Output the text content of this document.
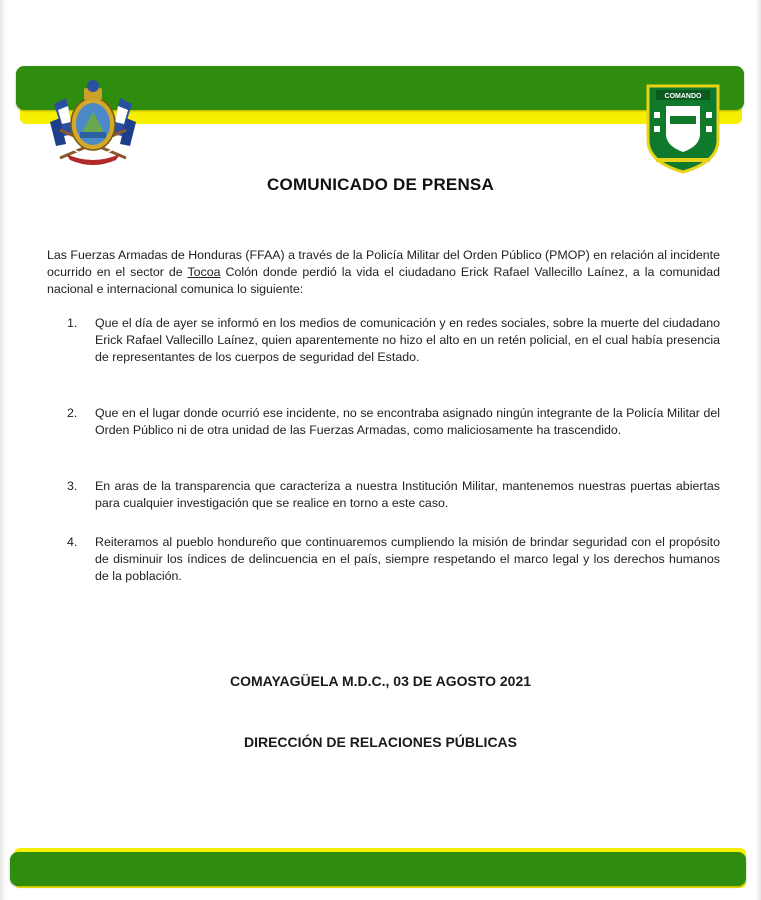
COMANDO
COMUNICADO DE PRENSA
Las Fuerzas Armadas de Honduras (FFAA) a través de la Policía Militar del Orden Público (PMOP) en relación al incidente ocurrido en el sector de Tocoa Colón donde perdió la vida el ciudadano Erick Rafael Vallecillo Laínez, a la comunidad nacional e internacional comunica lo siguiente:
1.	Que el día de ayer se informó en los medios de comunicación y en redes sociales, sobre la muerte del ciudadano Erick Rafael Vallecillo Laínez, quien aparentemente no hizo el alto en un retén policial, en el cual había presencia de representantes de los cuerpos de seguridad del Estado.
2.	Que en el lugar donde ocurrió ese incidente, no se encontraba asignado ningún integrante de la Policía Militar del Orden Público ni de otra unidad de las Fuerzas Armadas, como maliciosamente ha trascendido.
3.	En aras de la transparencia que caracteriza a nuestra Institución Militar, mantenemos nuestras puertas abiertas para cualquier investigación que se realice en torno a este caso.
4.	Reiteramos al pueblo hondureño que continuaremos cumpliendo la misión de brindar seguridad con el propósito de disminuir los índices de delincuencia en el país, siempre respetando el marco legal y los derechos humanos de la población.
COMAYAGÜELA M.D.C., 03 DE AGOSTO 2021
DIRECCIÓN DE RELACIONES PÚBLICAS
